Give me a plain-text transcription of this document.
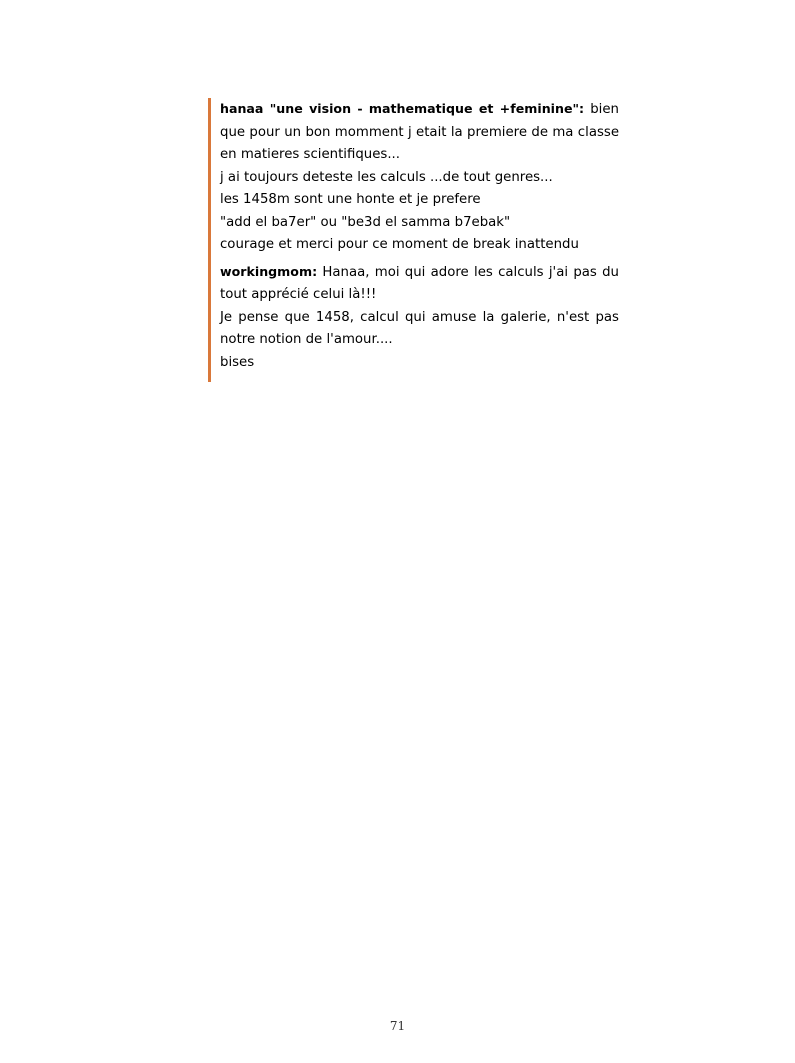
hanaa "une vision - mathematique et +feminine": bien que pour un bon momment j etait la premiere de ma classe en matieres scientifiques...
j ai toujours deteste les calculs ...de tout genres...
les 1458m sont une honte et je prefere
"add el ba7er" ou "be3d el samma b7ebak"
courage et merci pour ce moment de break inattendu
workingmom: Hanaa, moi qui adore les calculs j'ai pas du tout apprécié celui là!!!
Je pense que 1458, calcul qui amuse la galerie, n'est pas notre notion de l'amour....
bises
71
